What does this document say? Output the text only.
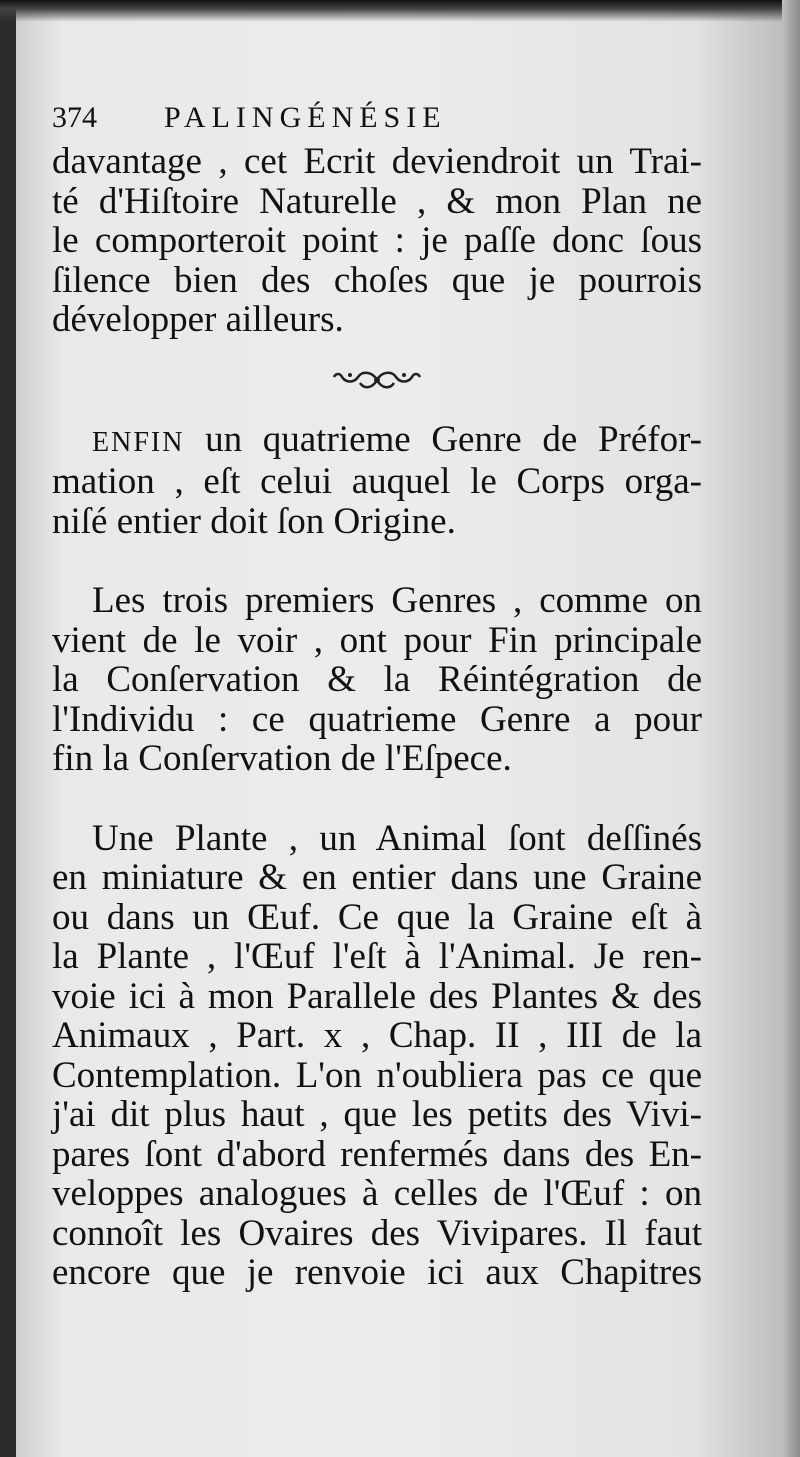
374	PALINGÉNÉSIE
davantage , cet Ecrit deviendroit un Trai-
té d'Hiſtoire Naturelle , & mon Plan ne
le comporteroit point : je paſſe donc ſous
ſilence bien des choſes que je pourrois
développer ailleurs.
ENFIN un quatrieme Genre de Préfor-
mation , eſt celui auquel le Corps orga-
niſé entier doit ſon Origine.
Les trois premiers Genres , comme on
vient de le voir , ont pour Fin principale
la Conſervation & la Réintégration de
l'Individu : ce quatrieme Genre a pour
fin la Conſervation de l'Eſpece.
Une Plante , un Animal ſont deſſinés
en miniature & en entier dans une Graine
ou dans un Œuf. Ce que la Graine eſt à
la Plante , l'Œuf l'eſt à l'Animal. Je ren-
voie ici à mon Parallele des Plantes & des
Animaux , Part. x , Chap. II , III de la
Contemplation. L'on n'oubliera pas ce que
j'ai dit plus haut , que les petits des Vivi-
pares ſont d'abord renfermés dans des En-
veloppes analogues à celles de l'Œuf : on
connoît les Ovaires des Vivipares. Il faut
encore que je renvoie ici aux Chapitres
